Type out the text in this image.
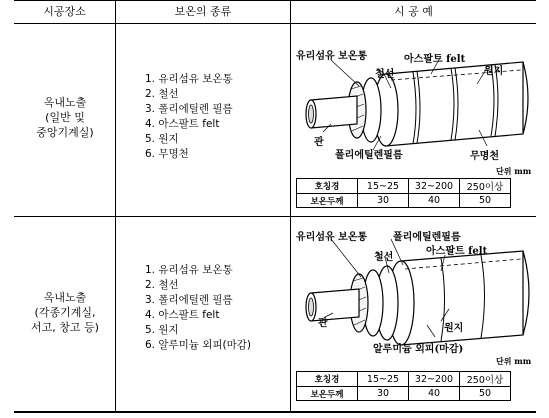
시공장소	보온의 종류	시 공 예
옥내노출
(일반 및
중앙기계실)
1. 유리섬유 보온통
2. 철선
3. 폴리에틸렌 필름
4. 아스팔트 felt
5. 원지
6. 무명천
유리섬유 보온통
철선
아스팔트 felt
원지
관
폴리에틸렌필름	무명천
단위 mm
호칭경	15~25	32~200	250이상
보온두께	30	40	50
옥내노출
(각종기계실,
서고, 창고 등)
1. 유리섬유 보온통
2. 철선
3. 폴리에틸렌 필름
4. 아스팔트 felt
5. 원지
6. 알루미늄 외피(마감)
유리섬유 보온통	폴리에틸렌필름
철선
아스팔트 felt
관	원지
알루미늄 외피(마감)
단위 mm
호칭경	15~25	32~200	250이상
보온두께	30	40	50
